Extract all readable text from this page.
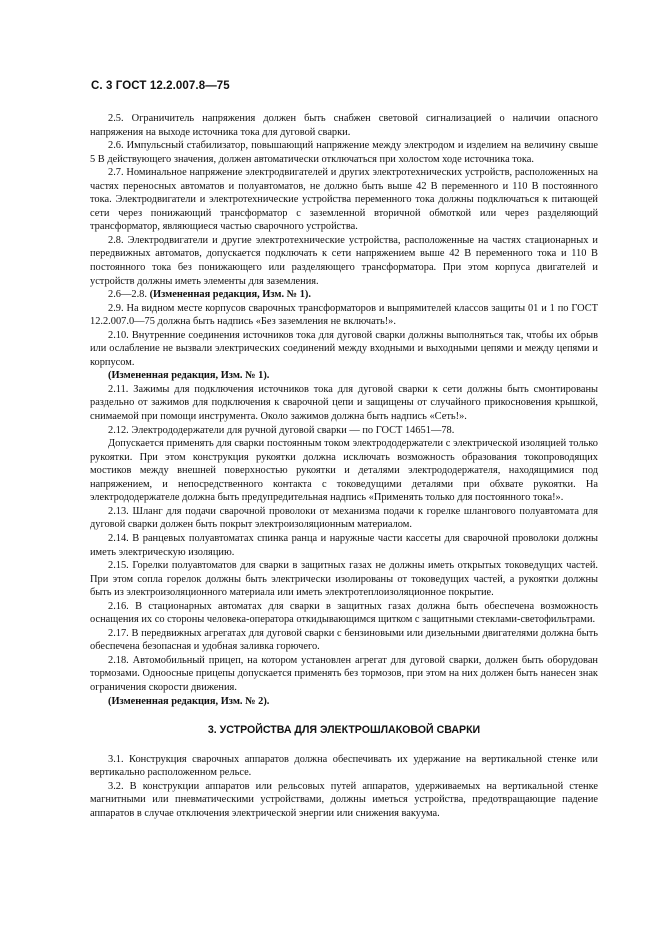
С. 3 ГОСТ 12.2.007.8—75

2.5. Ограничитель напряжения должен быть снабжен световой сигнализацией о наличии опасного напряжения на выходе источника тока для дуговой сварки.

2.6. Импульсный стабилизатор, повышающий напряжение между электродом и изделием на величину свыше 5 В действующего значения, должен автоматически отключаться при холостом ходе источника тока.

2.7. Номинальное напряжение электродвигателей и других электротехнических устройств, расположенных на частях переносных автоматов и полуавтоматов, не должно быть выше 42 В переменного и 110 В постоянного тока. Электродвигатели и электротехнические устройства переменного тока должны подключаться к питающей сети через понижающий трансформатор с заземленной вторичной обмоткой или через разделяющий трансформатор, являющиеся частью сварочного устройства.

2.8. Электродвигатели и другие электротехнические устройства, расположенные на частях стационарных и передвижных автоматов, допускается подключать к сети напряжением выше 42 В переменного тока и 110 В постоянного тока без понижающего или разделяющего трансформатора. При этом корпуса двигателей и устройств должны иметь элементы для заземления.

2.6—2.8. (Измененная редакция, Изм. № 1).

2.9. На видном месте корпусов сварочных трансформаторов и выпрямителей классов защиты 01 и 1 по ГОСТ 12.2.007.0—75 должна быть надпись «Без заземления не включать!».

2.10. Внутренние соединения источников тока для дуговой сварки должны выполняться так, чтобы их обрыв или ослабление не вызвали электрических соединений между входными и выходными цепями и между цепями и корпусом.

(Измененная редакция, Изм. № 1).

2.11. Зажимы для подключения источников тока для дуговой сварки к сети должны быть смонтированы раздельно от зажимов для подключения к сварочной цепи и защищены от случайного прикосновения крышкой, снимаемой при помощи инструмента. Около зажимов должна быть надпись «Сеть!».

2.12. Электрододержатели для ручной дуговой сварки — по ГОСТ 14651—78.

Допускается применять для сварки постоянным током электрододержатели с электрической изоляцией только рукоятки. При этом конструкция рукоятки должна исключать возможность образования токопроводящих мостиков между внешней поверхностью рукоятки и деталями электрододержателя, находящимися под напряжением, и непосредственного контакта с токоведущими деталями при обхвате рукоятки. На электрододержателе должна быть предупредительная надпись «Применять только для постоянного тока!».

2.13. Шланг для подачи сварочной проволоки от механизма подачи к горелке шлангового полуавтомата для дуговой сварки должен быть покрыт электроизоляционным материалом.

2.14. В ранцевых полуавтоматах спинка ранца и наружные части кассеты для сварочной проволоки должны иметь электрическую изоляцию.

2.15. Горелки полуавтоматов для сварки в защитных газах не должны иметь открытых токоведущих частей. При этом сопла горелок должны быть электрически изолированы от токоведущих частей, а рукоятки должны быть из электроизоляционного материала или иметь электротеплоизоляционное покрытие.

2.16. В стационарных автоматах для сварки в защитных газах должна быть обеспечена возможность оснащения их со стороны человека-оператора откидывающимся щитком с защитными стеклами-светофильтрами.

2.17. В передвижных агрегатах для дуговой сварки с бензиновыми или дизельными двигателями должна быть обеспечена безопасная и удобная заливка горючего.

2.18. Автомобильный прицеп, на котором установлен агрегат для дуговой сварки, должен быть оборудован тормозами. Одноосные прицепы допускается применять без тормозов, при этом на них должен быть нанесен знак ограничения скорости движения.

(Измененная редакция, Изм. № 2).

3. УСТРОЙСТВА ДЛЯ ЭЛЕКТРОШЛАКОВОЙ СВАРКИ

3.1. Конструкция сварочных аппаратов должна обеспечивать их удержание на вертикальной стенке или вертикально расположенном рельсе.

3.2. В конструкции аппаратов или рельсовых путей аппаратов, удерживаемых на вертикальной стенке магнитными или пневматическими устройствами, должны иметься устройства, предотвращающие падение аппаратов в случае отключения электрической энергии или снижения вакуума.
